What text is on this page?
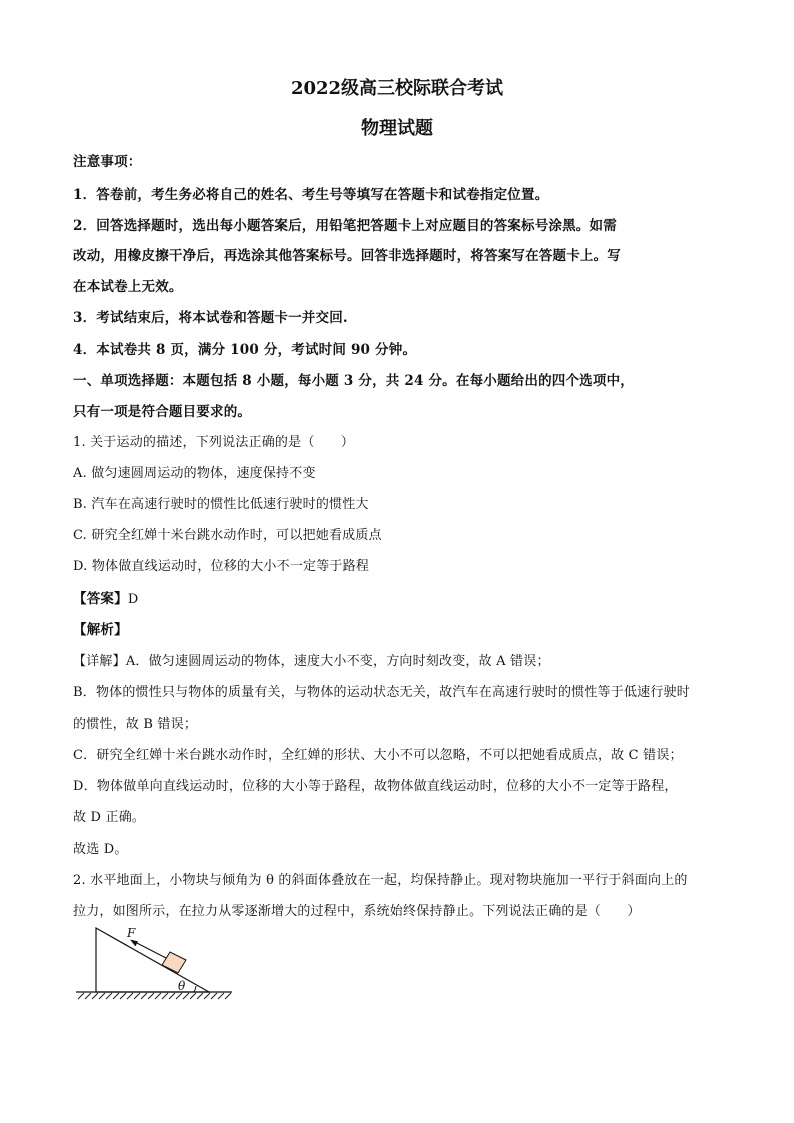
2022级高三校际联合考试
物理试题
注意事项：
1．答卷前，考生务必将自己的姓名、考生号等填写在答题卡和试卷指定位置。
2．回答选择题时，选出每小题答案后，用铅笔把答题卡上对应题目的答案标号涂黑。如需
改动，用橡皮擦干净后，再选涂其他答案标号。回答非选择题时，将答案写在答题卡上。写
在本试卷上无效。
3．考试结束后，将本试卷和答题卡一并交回.
4．本试卷共 8 页，满分 100 分，考试时间 90 分钟。
一、单项选择题：本题包括 8 小题，每小题 3 分，共 24 分。在每小题给出的四个选项中，
只有一项是符合题目要求的。
1. 关于运动的描述，下列说法正确的是（　　）
A. 做匀速圆周运动的物体，速度保持不变
B. 汽车在高速行驶时的惯性比低速行驶时的惯性大
C. 研究全红婵十米台跳水动作时，可以把她看成质点
D. 物体做直线运动时，位移的大小不一定等于路程
【答案】D
【解析】
【详解】A．做匀速圆周运动的物体，速度大小不变，方向时刻改变，故 A 错误；
B．物体的惯性只与物体的质量有关，与物体的运动状态无关，故汽车在高速行驶时的惯性等于低速行驶时
的惯性，故 B 错误；
C．研究全红婵十米台跳水动作时，全红婵的形状、大小不可以忽略，不可以把她看成质点，故 C 错误；
D．物体做单向直线运动时，位移的大小等于路程，故物体做直线运动时，位移的大小不一定等于路程，
故 D 正确。
故选 D。
2. 水平地面上，小物块与倾角为 θ 的斜面体叠放在一起，均保持静止。现对物块施加一平行于斜面向上的
拉力，如图所示，在拉力从零逐渐增大的过程中，系统始终保持静止。下列说法正确的是（　　）
F
θ
